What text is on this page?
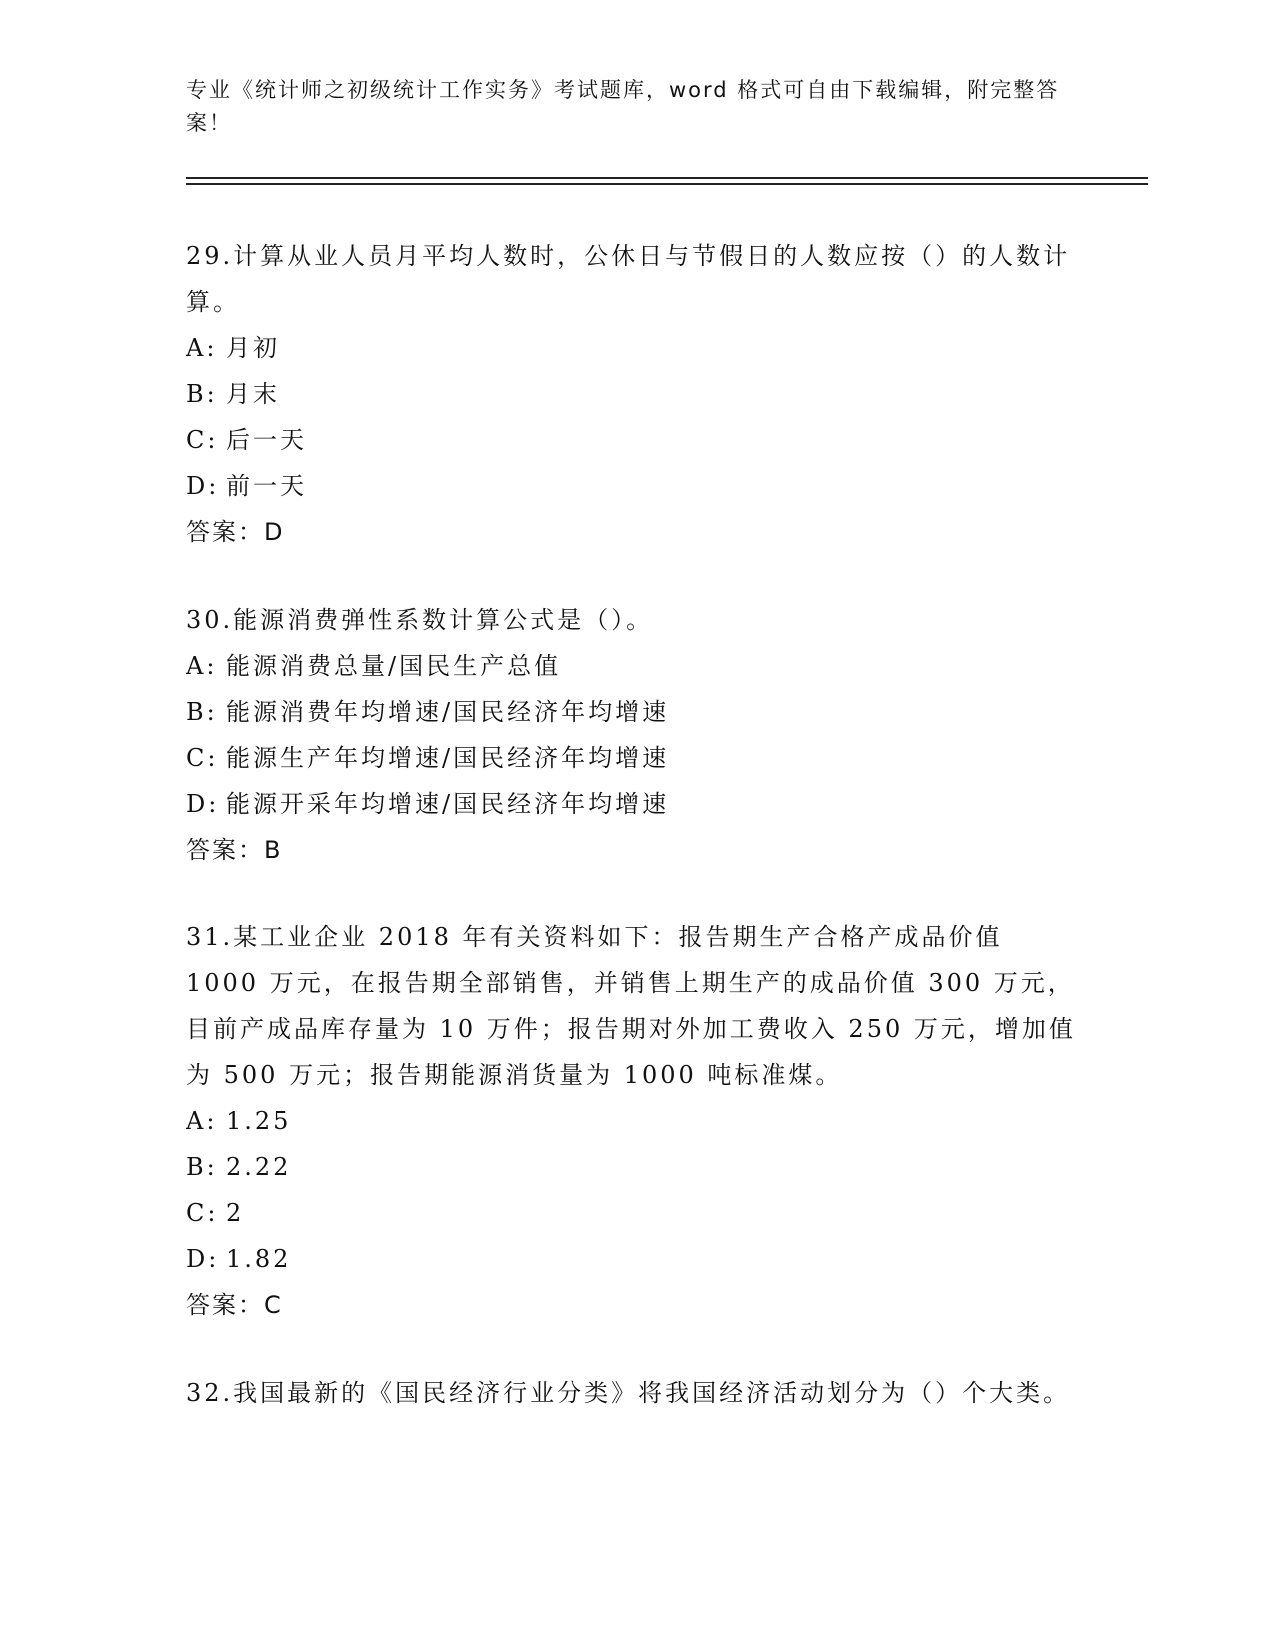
专业《统计师之初级统计工作实务》考试题库，word 格式可自由下载编辑，附完整答案！

29.计算从业人员月平均人数时，公休日与节假日的人数应按（）的人数计算。

A: 月初

B: 月末

C: 后一天

D: 前一天

答案：D

30.能源消费弹性系数计算公式是（）。

A: 能源消费总量/国民生产总值

B: 能源消费年均增速/国民经济年均增速

C: 能源生产年均增速/国民经济年均增速

D: 能源开采年均增速/国民经济年均增速

答案：B

31.某工业企业 2018 年有关资料如下：报告期生产合格产成品价值 1000 万元，在报告期全部销售，并销售上期生产的成品价值 300 万元，目前产成品库存量为 10 万件；报告期对外加工费收入 250 万元，增加值为 500 万元；报告期能源消货量为 1000 吨标准煤。

A: 1.25

B: 2.22

C: 2

D: 1.82

答案：C

32.我国最新的《国民经济行业分类》将我国经济活动划分为（）个大类。
